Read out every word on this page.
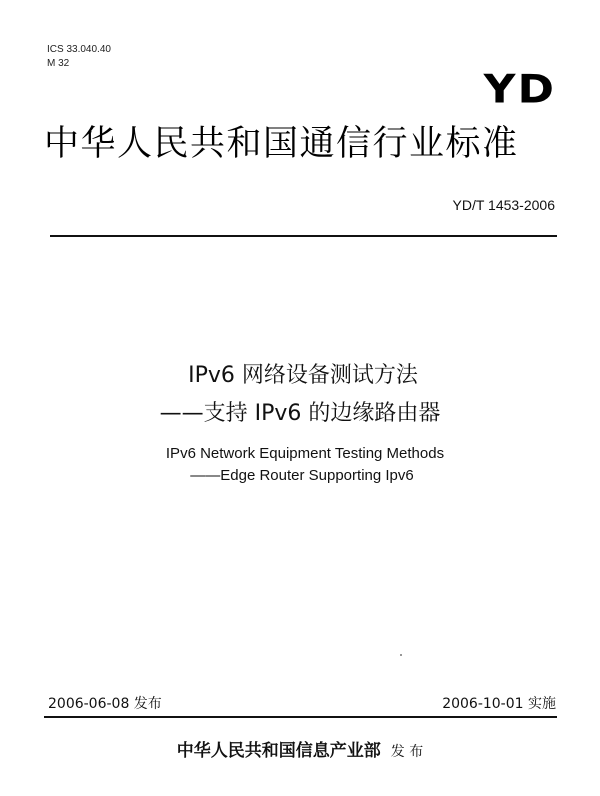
ICS 33.040.40
M 32
YD
中华人民共和国通信行业标准
YD/T 1453-2006
IPv6 网络设备测试方法
——支持 IPv6 的边缘路由器
IPv6 Network Equipment Testing Methods
——Edge Router Supporting Ipv6
2006-06-08 发布	2006-10-01 实施
中华人民共和国信息产业部 发 布
